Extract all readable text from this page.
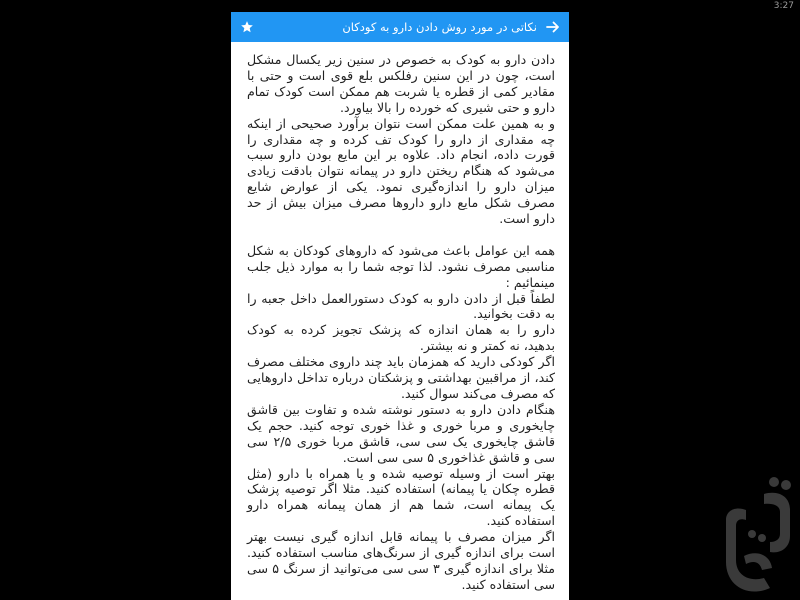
3:27
نکاتی در مورد روش دادن دارو به کودکان

دادن دارو به کودک به خصوص در سنین زیر یکسال مشکل است، چون در این سنین رفلکس بلع قوی است و حتی با مقادیر کمی از قطره یا شربت هم ممکن است کودک تمام دارو و حتی شیری که خورده را بالا بیاورد.

و به همین علت ممکن است نتوان برآورد صحیحی از اینکه چه مقداری از دارو را کودک تف کرده و چه مقداری را قورت داده، انجام داد. علاوه بر این مایع بودن دارو سبب می‌شود که هنگام ریختن دارو در پیمانه نتوان بادقت زیادی میزان دارو را اندازه‌گیری نمود. یکی از عوارض شایع مصرف شکل مایع دارو داروها مصرف میزان بیش از حد دارو است.

همه این عوامل باعث می‌شود که داروهای کودکان به شکل مناسبی مصرف نشود. لذا توجه شما را به موارد ذیل جلب مینمائیم :

لطفاً قبل از دادن دارو به کودک دستورالعمل داخل جعبه را به دقت بخوانید.

دارو را به همان اندازه که پزشک تجویز کرده به کودک بدهید، نه کمتر و نه بیشتر.

اگر کودکی دارید که همزمان باید چند داروی مختلف مصرف کند، از مراقبین بهداشتی و پزشکتان درباره تداخل داروهایی که مصرف می‌کند سوال کنید.

هنگام دادن دارو به دستور نوشته شده و تفاوت بین قاشق چایخوری و مربا خوری و غذا خوری توجه کنید. حجم یک قاشق چایخوری یک سی سی، قاشق مربا خوری ۲/۵ سی سی و قاشق غذاخوری ۵ سی سی است.

بهتر است از وسیله توصیه شده و یا همراه با دارو (مثل قطره چکان یا پیمانه) استفاده کنید. مثلا اگر توصیه پزشک یک پیمانه است، شما هم از همان پیمانه همراه دارو استفاده کنید.

اگر میزان مصرف با پیمانه قابل اندازه گیری نیست بهتر است برای اندازه گیری از سرنگ‌های مناسب استفاده کنید. مثلا برای اندازه گیری ۳ سی سی می‌توانید از سرنگ ۵ سی سی استفاده کنید.
